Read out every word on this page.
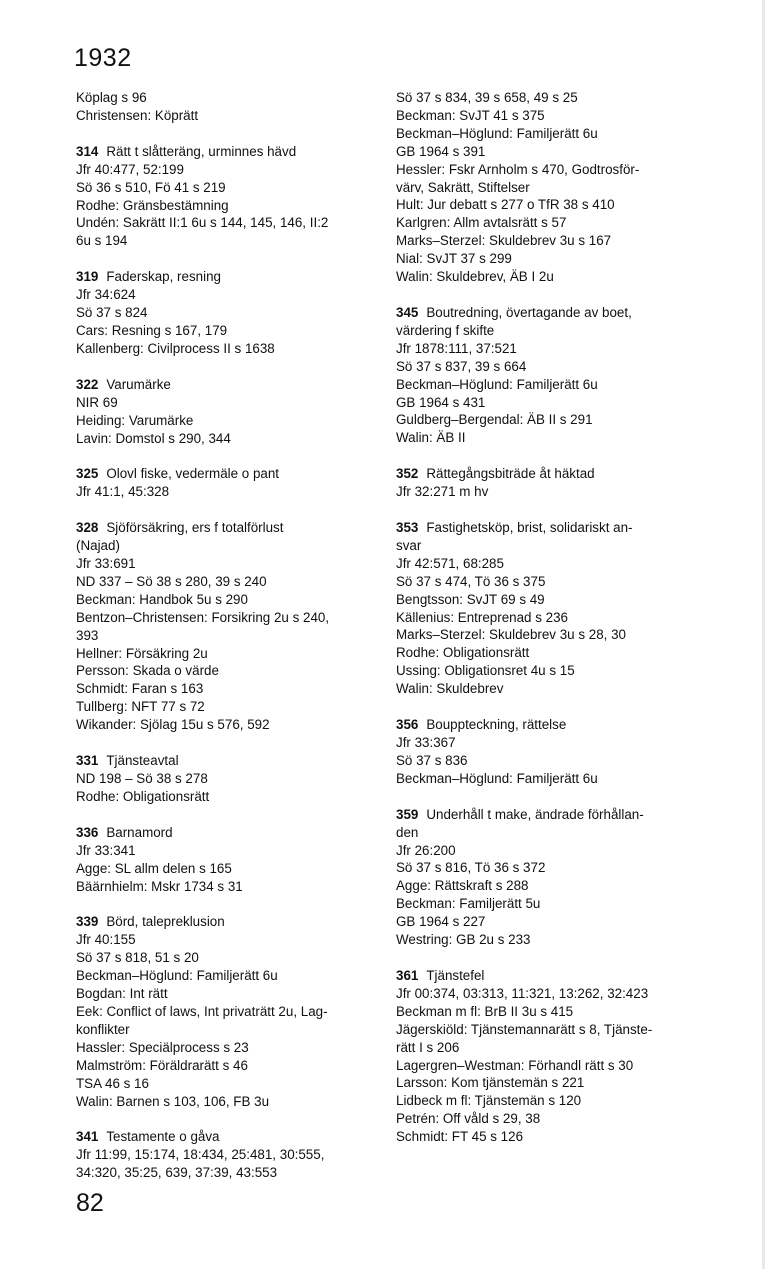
1932
Köplag s 96
Christensen: Köprätt
314 Rätt t slåtteräng, urminnes hävd
Jfr 40:477, 52:199
Sö 36 s 510, Fö 41 s 219
Rodhe: Gränsbestämning
Undén: Sakrätt II:1 6u s 144, 145, 146, II:2
6u s 194
319 Faderskap, resning
Jfr 34:624
Sö 37 s 824
Cars: Resning s 167, 179
Kallenberg: Civilprocess II s 1638
322 Varumärke
NIR 69
Heiding: Varumärke
Lavin: Domstol s 290, 344
325 Olovl fiske, vedermäle o pant
Jfr 41:1, 45:328
328 Sjöförsäkring, ers f totalförlust
(Najad)
Jfr 33:691
ND 337 – Sö 38 s 280, 39 s 240
Beckman: Handbok 5u s 290
Bentzon–Christensen: Forsikring 2u s 240,
393
Hellner: Försäkring 2u
Persson: Skada o värde
Schmidt: Faran s 163
Tullberg: NFT 77 s 72
Wikander: Sjölag 15u s 576, 592
331 Tjänsteavtal
ND 198 – Sö 38 s 278
Rodhe: Obligationsrätt
336 Barnamord
Jfr 33:341
Agge: SL allm delen s 165
Bäärnhielm: Mskr 1734 s 31
339 Börd, talepreklusion
Jfr 40:155
Sö 37 s 818, 51 s 20
Beckman–Höglund: Familjerätt 6u
Bogdan: Int rätt
Eek: Conflict of laws, Int privaträtt 2u, Lag-
konflikter
Hassler: Speciälprocess s 23
Malmström: Föräldrarätt s 46
TSA 46 s 16
Walin: Barnen s 103, 106, FB 3u
341 Testamente o gåva
Jfr 11:99, 15:174, 18:434, 25:481, 30:555,
34:320, 35:25, 639, 37:39, 43:553
Sö 37 s 834, 39 s 658, 49 s 25
Beckman: SvJT 41 s 375
Beckman–Höglund: Familjerätt 6u
GB 1964 s 391
Hessler: Fskr Arnholm s 470, Godtrosför-
värv, Sakrätt, Stiftelser
Hult: Jur debatt s 277 o TfR 38 s 410
Karlgren: Allm avtalsrätt s 57
Marks–Sterzel: Skuldebrev 3u s 167
Nial: SvJT 37 s 299
Walin: Skuldebrev, ÄB I 2u
345 Boutredning, övertagande av boet,
värdering f skifte
Jfr 1878:111, 37:521
Sö 37 s 837, 39 s 664
Beckman–Höglund: Familjerätt 6u
GB 1964 s 431
Guldberg–Bergendal: ÄB II s 291
Walin: ÄB II
352 Rättegångsbiträde åt häktad
Jfr 32:271 m hv
353 Fastighetsköp, brist, solidariskt an-
svar
Jfr 42:571, 68:285
Sö 37 s 474, Tö 36 s 375
Bengtsson: SvJT 69 s 49
Källenius: Entreprenad s 236
Marks–Sterzel: Skuldebrev 3u s 28, 30
Rodhe: Obligationsrätt
Ussing: Obligationsret 4u s 15
Walin: Skuldebrev
356 Bouppteckning, rättelse
Jfr 33:367
Sö 37 s 836
Beckman–Höglund: Familjerätt 6u
359 Underhåll t make, ändrade förhållan-
den
Jfr 26:200
Sö 37 s 816, Tö 36 s 372
Agge: Rättskraft s 288
Beckman: Familjerätt 5u
GB 1964 s 227
Westring: GB 2u s 233
361 Tjänstefel
Jfr 00:374, 03:313, 11:321, 13:262, 32:423
Beckman m fl: BrB II 3u s 415
Jägerskiöld: Tjänstemannarätt s 8, Tjänste-
rätt I s 206
Lagergren–Westman: Förhandl rätt s 30
Larsson: Kom tjänstemän s 221
Lidbeck m fl: Tjänstemän s 120
Petrén: Off våld s 29, 38
Schmidt: FT 45 s 126
82
